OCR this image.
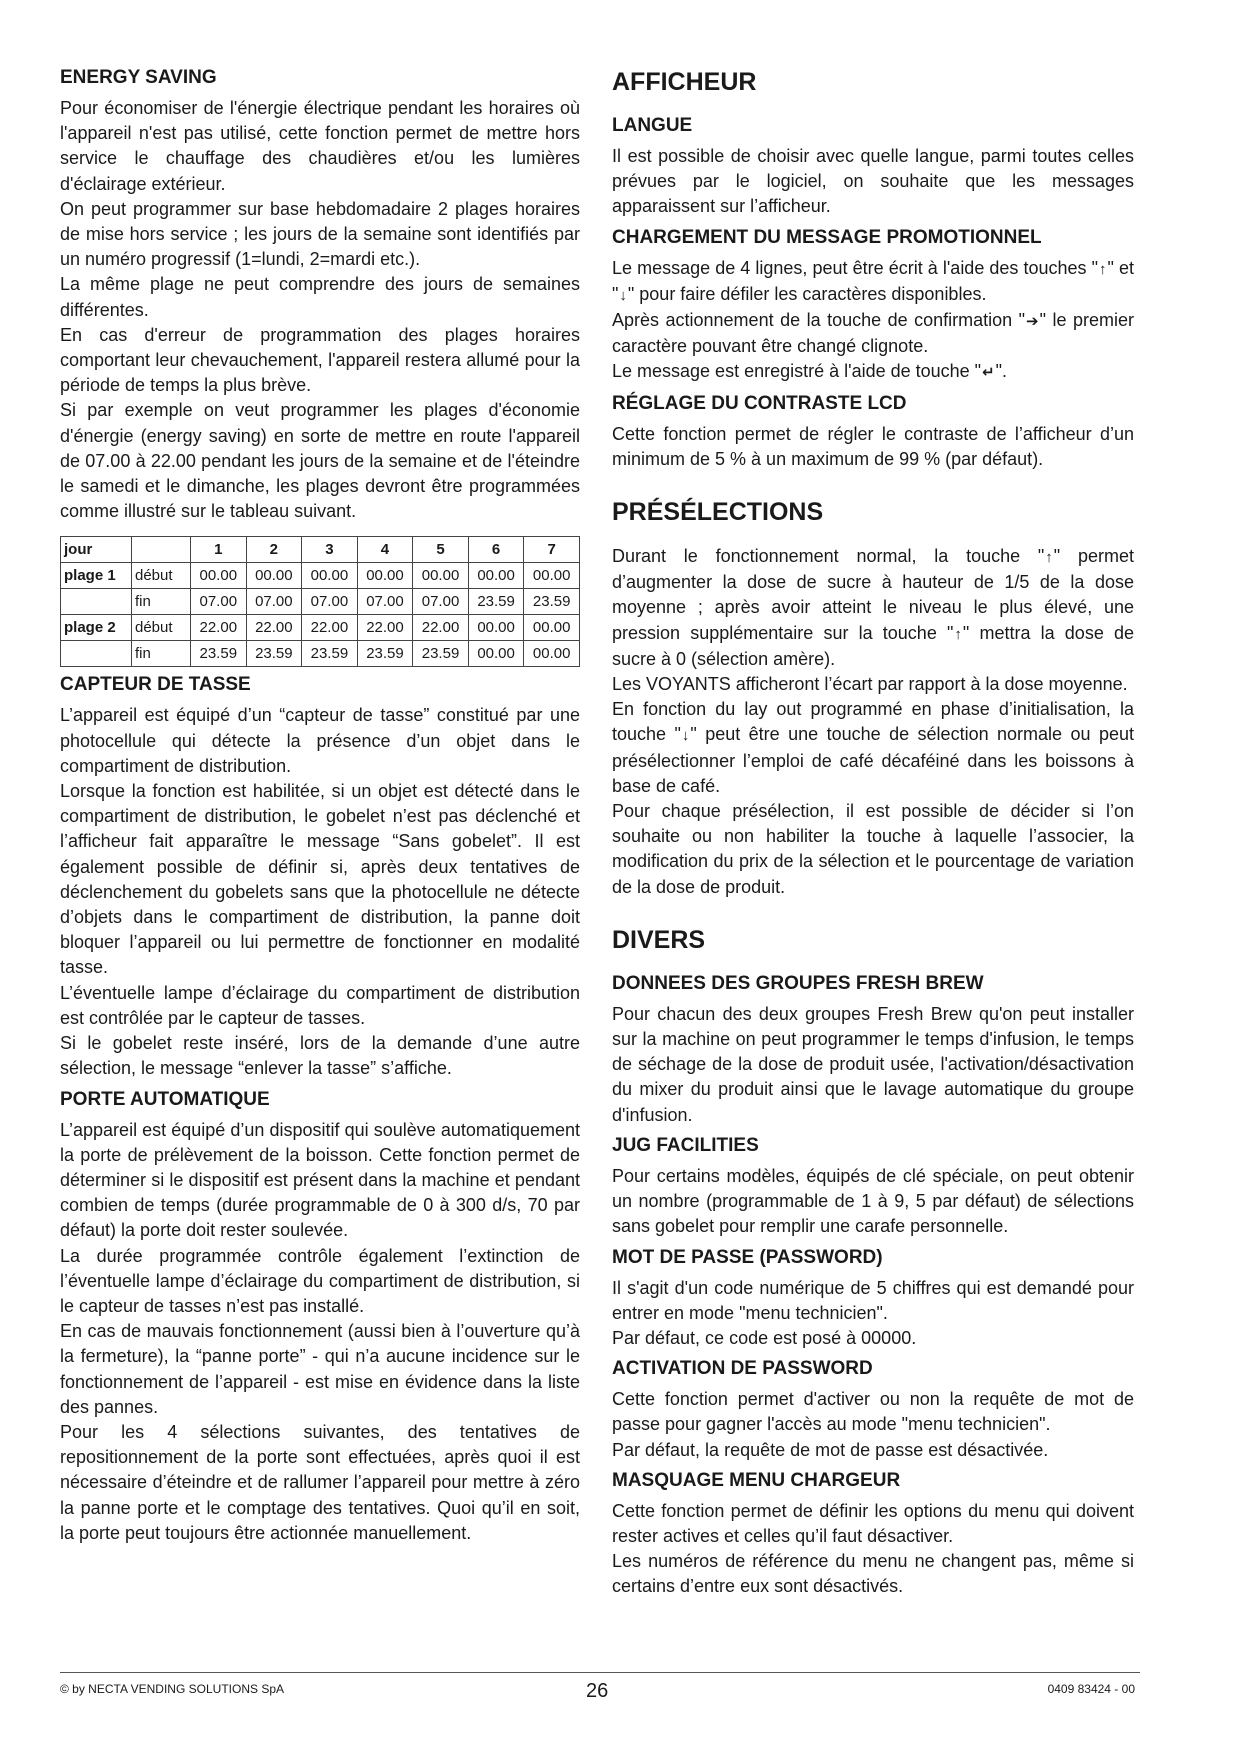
ENERGY SAVING

Pour économiser de l'énergie électrique pendant les horaires où l'appareil n'est pas utilisé, cette fonction permet de mettre hors service le chauffage des chaudières et/ou les lumières d'éclairage extérieur.

On peut programmer sur base hebdomadaire 2 plages horaires de mise hors service ; les jours de la semaine sont identifiés par un numéro progressif (1=lundi, 2=mardi etc.).

La même plage ne peut comprendre des jours de semaines différentes.

En cas d'erreur de programmation des plages horaires comportant leur chevauchement, l'appareil restera allumé pour la période de temps la plus brève.

Si par exemple on veut programmer les plages d'économie d'énergie (energy saving) en sorte de mettre en route l'appareil de 07.00 à 22.00 pendant les jours de la semaine et de l'éteindre le samedi et le dimanche, les plages devront être programmées comme illustré sur le tableau suivant.

jour		1	2	3	4	5	6	7
plage 1	début	00.00	00.00	00.00	00.00	00.00	00.00	00.00
	fin	07.00	07.00	07.00	07.00	07.00	23.59	23.59
plage 2	début	22.00	22.00	22.00	22.00	22.00	00.00	00.00
	fin	23.59	23.59	23.59	23.59	23.59	00.00	00.00
CAPTEUR DE TASSE

L’appareil est équipé d’un “capteur de tasse” constitué par une photocellule qui détecte la présence d’un objet dans le compartiment de distribution.

Lorsque la fonction est habilitée, si un objet est détecté dans le compartiment de distribution, le gobelet n’est pas déclenché et l’afficheur fait apparaître le message “Sans gobelet”. Il est également possible de définir si, après deux tentatives de déclenchement du gobelets sans que la photocellule ne détecte d’objets dans le compartiment de distribution, la panne doit bloquer l’appareil ou lui permettre de fonctionner en modalité tasse.

L’éventuelle lampe d’éclairage du compartiment de distribution est contrôlée par le capteur de tasses.

Si le gobelet reste inséré, lors de la demande d’une autre sélection, le message “enlever la tasse” s’affiche.

PORTE AUTOMATIQUE

L’appareil est équipé d’un dispositif qui soulève automatiquement la porte de prélèvement de la boisson. Cette fonction permet de déterminer si le dispositif est présent dans la machine et pendant combien de temps (durée programmable de 0 à 300 d/s, 70 par défaut) la porte doit rester soulevée.

La durée programmée contrôle également l’extinction de l’éventuelle lampe d’éclairage du compartiment de distribution, si le capteur de tasses n’est pas installé.

En cas de mauvais fonctionnement (aussi bien à l’ouverture qu’à la fermeture), la “panne porte” - qui n’a aucune incidence sur le fonctionnement de l’appareil - est mise en évidence dans la liste des pannes.

Pour les 4 sélections suivantes, des tentatives de repositionnement de la porte sont effectuées, après quoi il est nécessaire d’éteindre et de rallumer l’appareil pour mettre à zéro la panne porte et le comptage des tentatives. Quoi qu’il en soit, la porte peut toujours être actionnée manuellement.

AFFICHEUR
LANGUE

Il est possible de choisir avec quelle langue, parmi toutes celles prévues par le logiciel, on souhaite que les messages apparaissent sur l’afficheur.

CHARGEMENT DU MESSAGE PROMOTIONNEL

Le message de 4 lignes, peut être écrit à l'aide des touches "↑" et "↓" pour faire défiler les caractères disponibles.

Après actionnement de la touche de confirmation "➔" le premier caractère pouvant être changé clignote.

Le message est enregistré à l'aide de touche "↵".

RÉGLAGE DU CONTRASTE LCD

Cette fonction permet de régler le contraste de l’afficheur d’un minimum de 5 % à un maximum de 99 % (par défaut).

PRÉSÉLECTIONS

Durant le fonctionnement normal, la touche "↑" permet d’augmenter la dose de sucre à hauteur de 1/5 de la dose moyenne ; après avoir atteint le niveau le plus élevé, une pression supplémentaire sur la touche "↑" mettra la dose de sucre à 0 (sélection amère).

Les VOYANTS afficheront l’écart par rapport à la dose moyenne.

En fonction du lay out programmé en phase d’initialisation, la touche "↓" peut être une touche de sélection normale ou peut présélectionner l’emploi de café décaféiné dans les boissons à base de café.

Pour chaque présélection, il est possible de décider si l’on souhaite ou non habiliter la touche à laquelle l’associer, la modification du prix de la sélection et le pourcentage de variation de la dose de produit.

DIVERS
DONNEES DES GROUPES FRESH BREW

Pour chacun des deux groupes Fresh Brew qu'on peut installer sur la machine on peut programmer le temps d'infusion, le temps de séchage de la dose de produit usée, l'activation/désactivation du mixer du produit ainsi que le lavage automatique du groupe d'infusion.

JUG FACILITIES

Pour certains modèles, équipés de clé spéciale, on peut obtenir un nombre (programmable de 1 à 9, 5 par défaut) de sélections sans gobelet pour remplir une carafe personnelle.

MOT DE PASSE (PASSWORD)

Il s'agit d'un code numérique de 5 chiffres qui est demandé pour entrer en mode "menu technicien".

Par défaut, ce code est posé à 00000.

ACTIVATION DE PASSWORD

Cette fonction permet d'activer ou non la requête de mot de passe pour gagner l'accès au mode "menu technicien".

Par défaut, la requête de mot de passe est désactivée.

MASQUAGE MENU CHARGEUR

Cette fonction permet de définir les options du menu qui doivent rester actives et celles qu’il faut désactiver.

Les numéros de référence du menu ne changent pas, même si certains d’entre eux sont désactivés.

© by NECTA VENDING SOLUTIONS SpA	26	0409 83424 - 00
